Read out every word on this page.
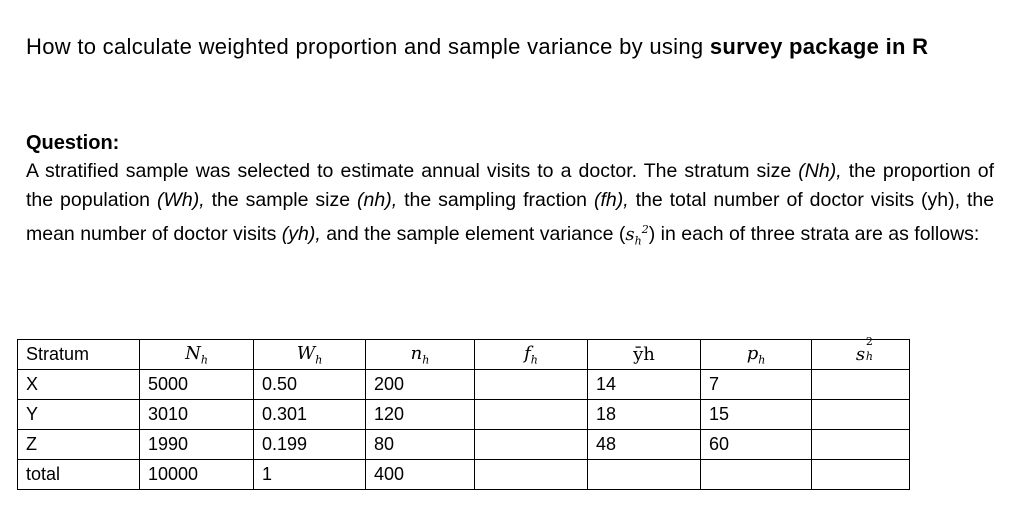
How to calculate weighted proportion and sample variance by using survey package in R
Question:
A stratified sample was selected to estimate annual visits to a doctor. The stratum size (Nh), the proportion of the population (Wh), the sample size (nh), the sampling fraction (fh), the total number of doctor visits (yh), the mean number of doctor visits (yh), and the sample element variance $(s_h^2)$ in each of three strata are as follows:
Stratum	$N_h$	$W_h$	$n_h$	$f_h$	ȳh	$p_h$	s
2
h

X	5000	0.50	200		14	7	
Y	3010	0.301	120		18	15	
Z	1990	0.199	80		48	60	
total	10000	1	400				
